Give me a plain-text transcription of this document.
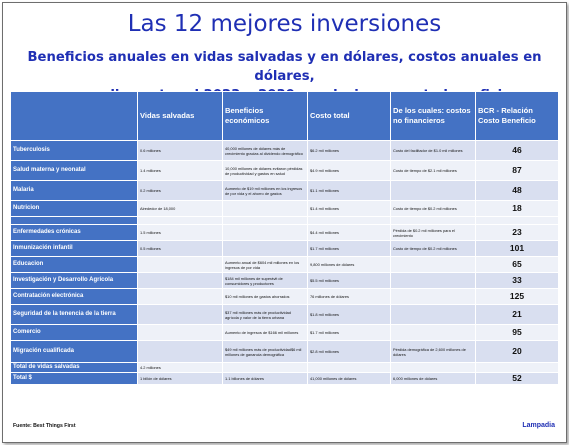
Las 12 mejores inversiones
Beneficios anuales en vidas salvadas y en dólares, costos anuales en dólares,
	Vidas salvadas	Beneficios económicos	Costo total	De los cuales: costos no financieros	BCR - Relación Costo Beneficio
Tuberculosis	0.6 millones	40,000 millones de dólares más de crecimiento gracias al dividendo demográfico	$6.2 mil millones	Costo del facilitador de $1.0 mil millones	46
Salud materna y neonatal	1.4 millones	10,000 millones de dólares evitaron pérdidas de productividad y gastos en salud	$4.9 mil millones	Costo de tiempo de $2.1 mil millones	87
Malaria	0.2 millones	Aumento de $19 mil millones en los ingresos de por vida y el ahorro de gastos	$1.1 mil millones		48
Nutricion	Alrededor de 18,000		$1.4 mil millones	Costo de tiempo de $0.2 mil millones	18

Enfermedades crónicas	1.5 millones		$4.4 mil millones	Pérdida de $0.2 mil millones para el crecimiento	23
Inmunización infantil	0.5 millones		$1.7 mil millones	Costo de tiempo de $0.2 mil millones	101
Educacion		Aumento anual de $604 mil millones en los ingresos de por vida	9,800 millones de dólares		65
Investigación y Desarrollo Agrícola		$184 mil millones de superávit de consumidores y productores	$5.5 mil millones		33
Contratación electrónica		$10 mil millones de gastos ahorrados	76 millones de dólares		125
Seguridad de la tenencia de la tierra		$37 mil millones más de productividad agrícola y valor de la tierra urbana	$1.8 mil millones		21
Comercio		Aumento de ingresos de $166 mil millones	$1.7 mil millones		95
Migración cualificada		$49 mil millones más de productividad$6 mil millones de ganancia demográfica	$2.8 mil millones	Pérdida demográfica de 2,600 millones de dólares	20
Total de vidas salvadas	4.2 millones				
Total $	1 billón de dólares	1.1 billones de dólares	41,000 millones de dólares	6,000 millones de dólares	52
Fuente: Best Things First	Lampadia
